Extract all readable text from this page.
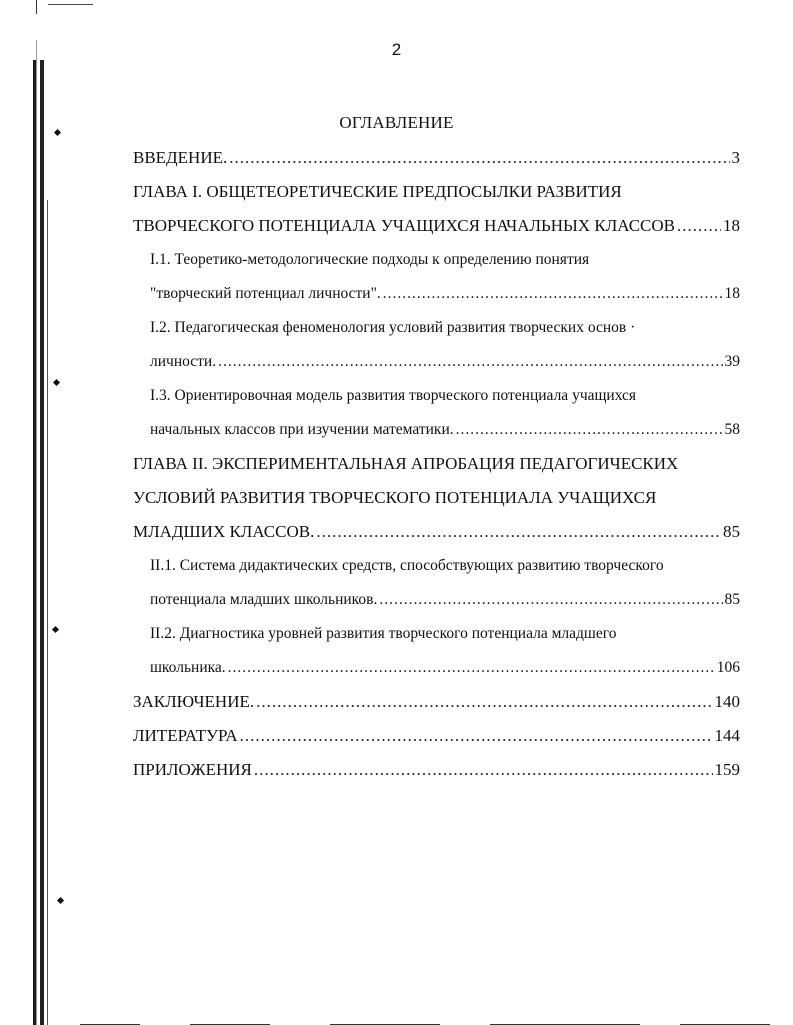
2
ОГЛАВЛЕНИЕ
ВВЕДЕНИЕ. .....	3
ГЛАВА I. ОБЩЕТЕОРЕТИЧЕСКИЕ ПРЕДПОСЫЛКИ РАЗВИТИЯ
ТВОРЧЕСКОГО ПОТЕНЦИАЛА УЧАЩИХСЯ НАЧАЛЬНЫХ КЛАССОВ .....	18
I.1. Теоретико-методологические подходы к определению понятия
"творческий потенциал личности". .....	18
I.2. Педагогическая феноменология условий развития творческих основ ·
личности. .....	39
I.3. Ориентировочная модель развития творческого потенциала учащихся
начальных классов при изучении математики. .....	58
ГЛАВА II. ЭКСПЕРИМЕНТАЛЬНАЯ АПРОБАЦИЯ ПЕДАГОГИЧЕСКИХ
УСЛОВИЙ РАЗВИТИЯ ТВОРЧЕСКОГО ПОТЕНЦИАЛА УЧАЩИХСЯ
МЛАДШИХ КЛАССОВ. .....	85
II.1. Система дидактических средств, способствующих развитию творческого
потенциала младших школьников. .....	85
II.2. Диагностика уровней развития творческого потенциала младшего
школьника. .....	106
ЗАКЛЮЧЕНИЕ. .....	140
ЛИТЕРАТУРА .....	144
ПРИЛОЖЕНИЯ .....	159
